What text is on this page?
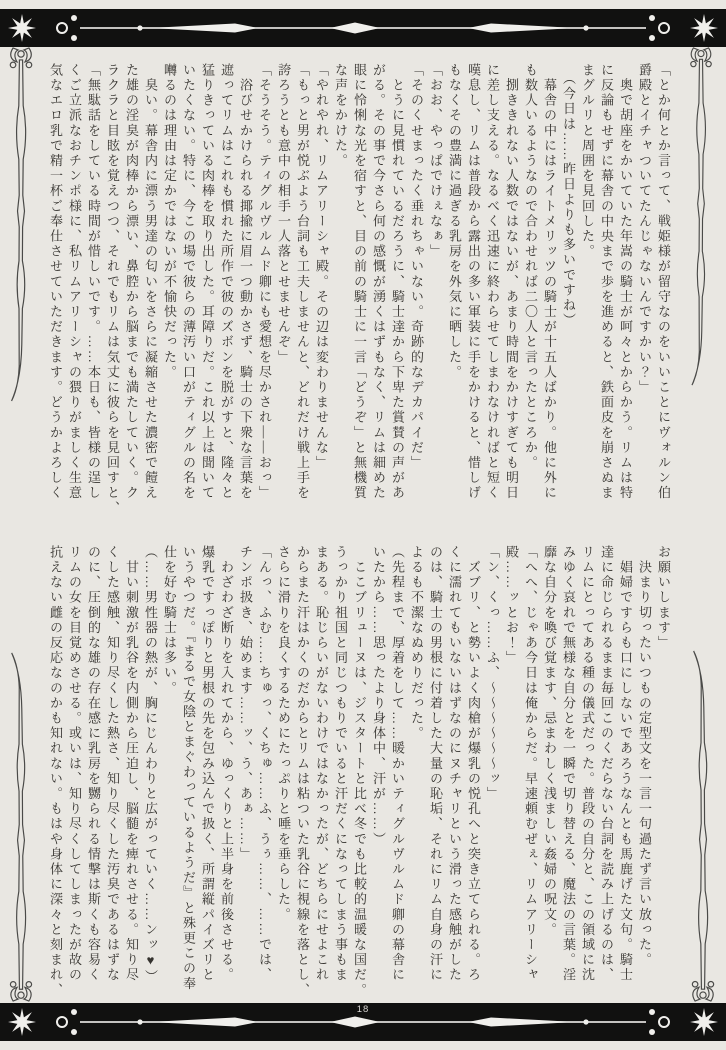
「とか何とか言って、戦姫様が留守なのをいいことにヴォルン伯

爵殿とイチャついてたんじゃないんですかい？」

　奥で胡座をかいていた年嵩の騎士が呵々とからかう。リムは特

に反論もせずに幕舎の中央まで歩を進めると、鉄面皮を崩さぬま

まグルリと周囲を見回した。

　（今日は……昨日よりも多いですね）

　幕舎の中にはライトメリッツの騎士が十五人ばかり。他に外に

も数人いるようなので合わせれば二〇人と言ったところか。

　捌ききれない人数ではないが、あまり時間をかけすぎても明日

に差し支える。なるべく迅速に終わらせてしまわなければと短く

嘆息し、リムは普段から露出の多い軍装に手をかけると、惜しげ

もなくその豊満に過ぎる乳房を外気に晒した。

「おお、やっぱでけぇなぁ」

「そのくせまったく垂れちゃいない。奇跡的なデカパイだ」

　とうに見慣れているだろうに、騎士達から下卑た賞賛の声があ

がる。その事で今さら何の感慨が湧くはずもなく、リムは細めた

眼に怜悧な光を宿すと、目の前の騎士に一言「どうぞ」と無機質

な声をかけた。

「やれやれ、リムアリーシャ殿。その辺は変わりませんな」

「もっと男が悦ぶよう台詞も工夫しませんと、どれだけ戦上手を

誇ろうとも意中の相手一人落とせませんぞ」

「そうそう。ティグルヴルムド卿にも愛想を尽かされ——おっ」

　浴びせかけられる揶揄に眉一つ動かさず、騎士の下衆な言葉を

遮ってリムはこれも慣れた所作で彼のズボンを脱がすと、隆々と

猛りきっている肉棒を取り出した。耳障りだ。これ以上は聞いて

いたくない。特に、今この場で彼らの薄汚い口がティグルの名を

囀るのは理由は定かではないが不愉快だった。

　臭い。幕舎内に漂う男達の匂いをさらに凝縮させた濃密で饐え

た雄の淫臭が肉棒から漂い、鼻腔から脳までも満たしていく。ク

ラクラと目眩を覚えつつ、それでもリムは気丈に彼らを見回すと、

「無駄話をしている時間が惜しいです。……本日も、皆様の逞し

くご立派なおチンポ様に、私リムアリーシャの猥りがましく生意

気なエロ乳で精一杯ご奉仕させていただきます。どうかよろしく

お願いします」

　決まり切ったいつもの定型文を一言一句過たず言い放った。

　娼婦ですらも口にしないであろうなんとも馬鹿げた文句。騎士

達に命じられるまま毎回このくだらない台詞を読み上げるのは、

リムにとってある種の儀式だった。普段の自分と、この領域に沈

みゆく哀れで無様な自分とを一瞬で切り替える、魔法の言葉。淫

靡な自分を喚び覚ます、忌まわしく浅ましい姦婦の呪文。

「へへ、じゃあ今日は俺からだ。早速頼むぜぇ、リムアリーシャ

殿……ッとお！」

「ン、くっ……ふ、～～～～～～ッ」

　ズブリ、と勢いよく肉槍が爆乳の悦孔へと突き立てられる。ろ

くに濡れてもいないはずなのにヌチャリという滑った感触がした

のは、騎士の男根に付着した大量の恥垢、それにリム自身の汗に

よるも不潔なぬめりだった。

（先程まで、厚着をして……暖かいティグルヴルムド卿の幕舎に

いたから……思ったより身体中、汗が……）

　ここブリューヌは、ジスタートと比べ冬でも比較的温暖な国だ。

うっかり祖国と同じつもりでいると汗だくになってしまう事もま

まある。恥じらいがないわけではなかったが、どちらにせよこれ

からまた汗はかくのだからとリムは粘ついた乳谷に視線を落とし、

さらに滑りを良くするためにたっぷりと唾を垂らした。

「んっ、ふむ……ちゅっ、くちゅ……ふ、うぅ……、……では、

チンポ扱き、始めます……ッ、う、あぁ……」

　わざわざ断りを入れてから、ゆっくりと上半身を前後させる。

爆乳ですっぽりと男根の先を包み込んで扱く、所謂縦パイズリと

いうやつだ。『まるで女陰とまぐわっているようだ』と殊更この奉

仕を好む騎士は多い。

（……男性器の熱が、胸にじんわりと広がっていく……ンッ♥）

　甘い刺激が乳谷を内側から圧迫し、脳髄を痺れさせる。知り尽

くした感触、知り尽くした熱さ、知り尽くした汚臭であるはずな

のに、圧倒的な雄の存在感に乳房を嬲られる情撃は斯くも容易く

リムの女を目覚めさせる。或いは、知り尽くしてしまったが故の

抗えない雌の反応なのかも知れない。もはや身体に深々と刻まれ、

18
